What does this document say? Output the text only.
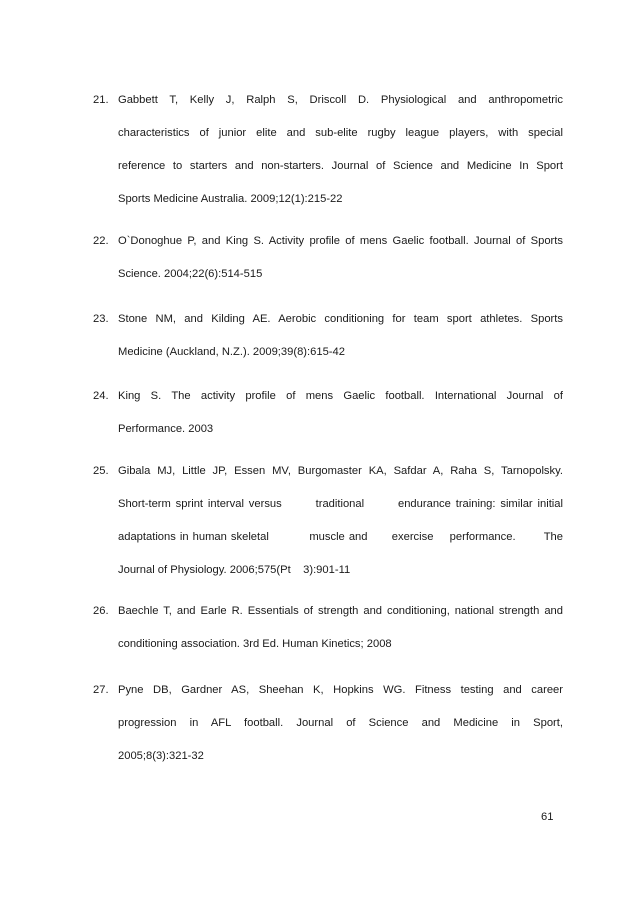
21. Gabbett T, Kelly J, Ralph S, Driscoll D. Physiological and anthropometric
characteristics of junior elite and sub-elite rugby league players, with special
reference to starters and non-starters. Journal of Science and Medicine In Sport
Sports Medicine Australia. 2009;12(1):215-22
22. O`Donoghue P, and King S. Activity profile of mens Gaelic football. Journal of Sports
Science. 2004;22(6):514-515
23. Stone NM, and Kilding AE. Aerobic conditioning for team sport athletes. Sports
Medicine (Auckland, N.Z.). 2009;39(8):615-42
24. King S. The activity profile of mens Gaelic football. International Journal of
Performance. 2003
25. Gibala MJ, Little JP, Essen MV, Burgomaster KA, Safdar A, Raha S, Tarnopolsky.
Short-term sprint interval versus       traditional       endurance training: similar initial
adaptations in human skeletal          muscle and      exercise    performance.       The
Journal of Physiology. 2006;575(Pt    3):901-11
26. Baechle T, and Earle R. Essentials of strength and conditioning, national strength and
conditioning association. 3rd Ed. Human Kinetics; 2008
27. Pyne DB, Gardner AS, Sheehan K, Hopkins WG. Fitness testing and career
progression in AFL football. Journal of Science and Medicine in Sport,
2005;8(3):321-32
61
